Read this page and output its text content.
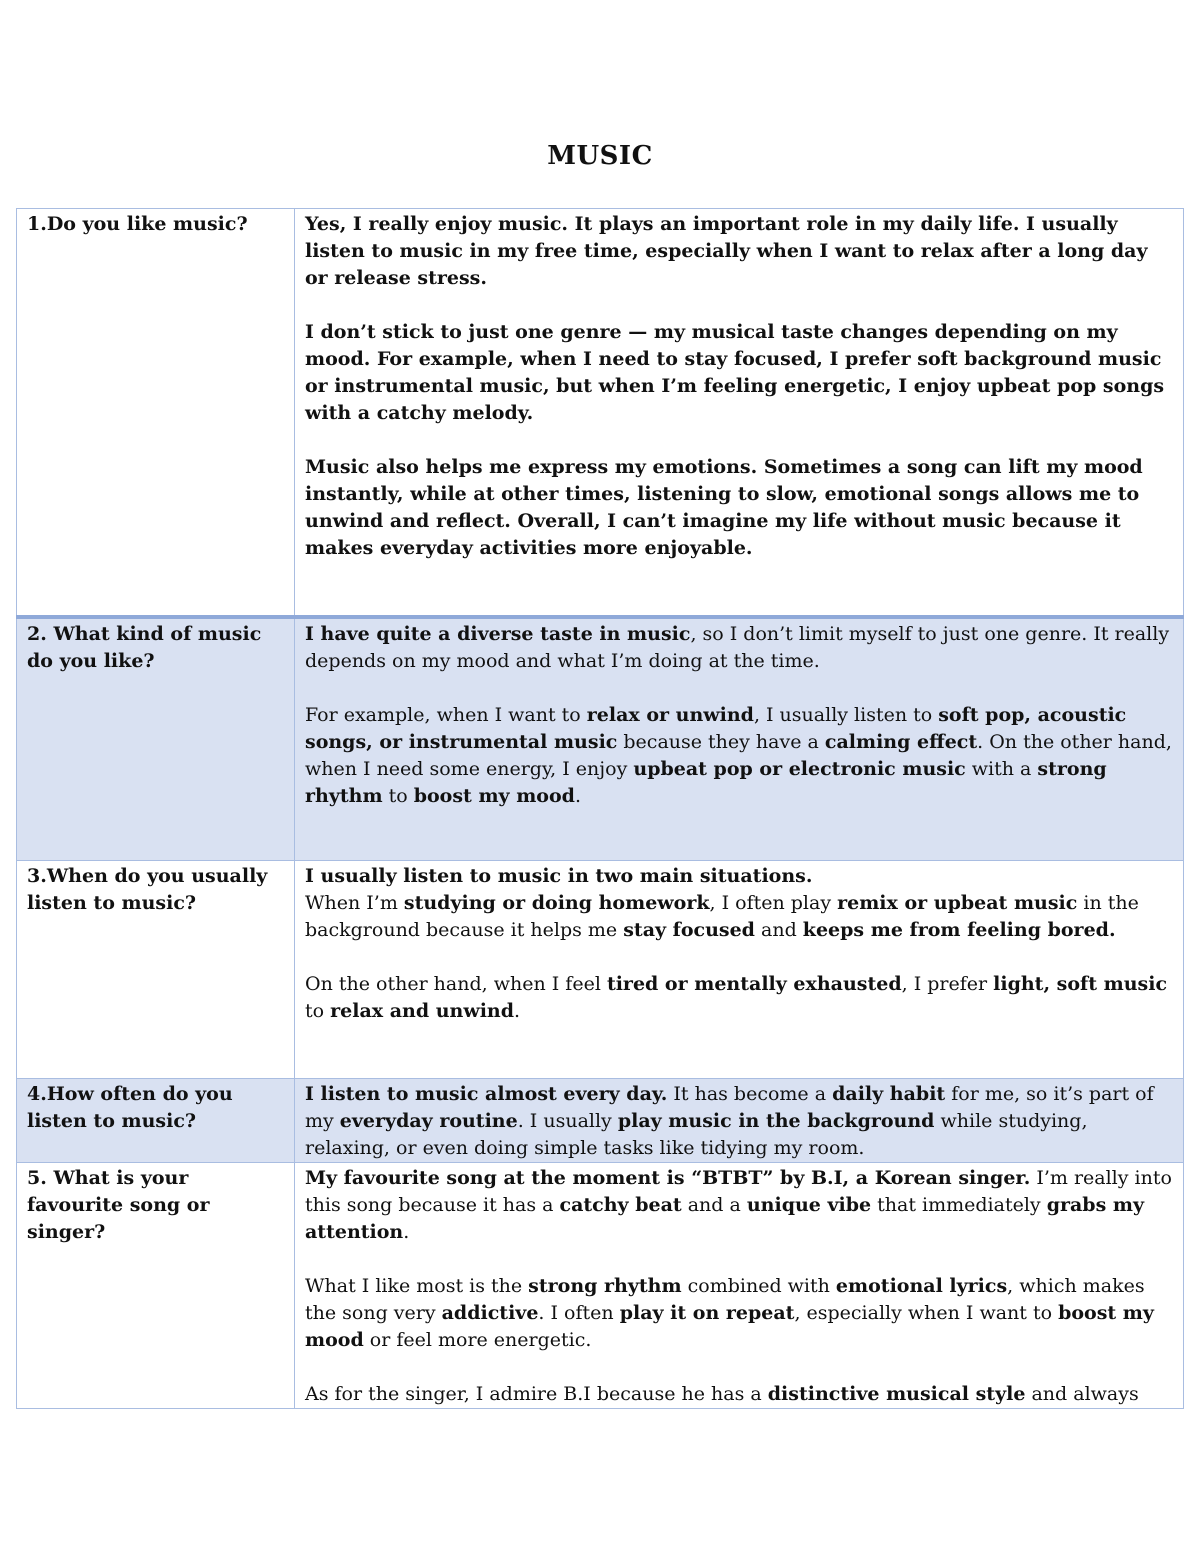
MUSIC
1.Do you like music?	Yes, I really enjoy music. It plays an important role in my daily life. I usually listen to music in my free time, especially when I want to relax after a long day or release stress.
I don’t stick to just one genre — my musical taste changes depending on my mood. For example, when I need to stay focused, I prefer soft background music or instrumental music, but when I’m feeling energetic, I enjoy upbeat pop songs with a catchy melody.
Music also helps me express my emotions. Sometimes a song can lift my mood instantly, while at other times, listening to slow, emotional songs allows me to unwind and reflect. Overall, I can’t imagine my life without music because it makes everyday activities more enjoyable.

2. What kind of music do you like?	I have quite a diverse taste in music, so I don’t limit myself to just one genre. It really depends on my mood and what I’m doing at the time.
For example, when I want to relax or unwind, I usually listen to soft pop, acoustic songs, or instrumental music because they have a calming effect. On the other hand, when I need some energy, I enjoy upbeat pop or electronic music with a strong rhythm to boost my mood.

3.When do you usually listen to music?	I usually listen to music in two main situations.
When I’m studying or doing homework, I often play remix or upbeat music in the background because it helps me stay focused and keeps me from feeling bored.
On the other hand, when I feel tired or mentally exhausted, I prefer light, soft music to relax and unwind.

4.How often do you listen to music?	I listen to music almost every day. It has become a daily habit for me, so it’s part of my everyday routine. I usually play music in the background while studying, relaxing, or even doing simple tasks like tidying my room.

5. What is your favourite song or singer?	My favourite song at the moment is “BTBT” by B.I, a Korean singer. I’m really into this song because it has a catchy beat and a unique vibe that immediately grabs my attention.
What I like most is the strong rhythm combined with emotional lyrics, which makes the song very addictive. I often play it on repeat, especially when I want to boost my mood or feel more energetic.
As for the singer, I admire B.I because he has a distinctive musical style and always
